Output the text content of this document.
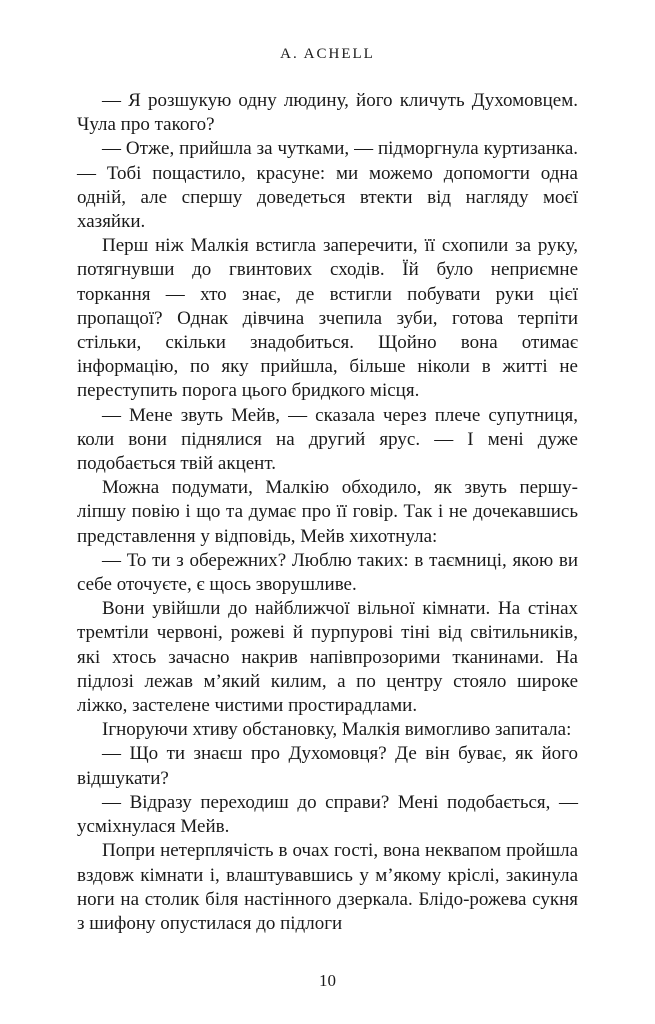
A. ACHELL

— Я розшукую одну людину, його кличуть Духомовцем. Чула про такого?

— Отже, прийшла за чутками, — підморгнула куртизанка. — Тобі пощастило, красуне: ми можемо допомогти одна одній, але спершу доведеться втекти від нагляду моєї хазяйки.

Перш ніж Малкія встигла заперечити, її схопили за руку, потягнувши до гвинтових сходів. Їй було неприємне торкання — хто знає, де встигли побувати руки цієї пропащої? Однак дівчина зчепила зуби, готова терпіти стільки, скільки знадобиться. Щойно вона отимає інформацію, по яку прийшла, більше ніколи в житті не переступить порога цього бридкого місця.

— Мене звуть Мейв, — сказала через плече супутниця, коли вони піднялися на другий ярус. — І мені дуже подобається твій акцент.

Можна подумати, Малкію обходило, як звуть першу-ліпшу повію і що та думає про її говір. Так і не дочекавшись представлення у відповідь, Мейв хихотнула:

— То ти з обережних? Люблю таких: в таємниці, якою ви себе оточуєте, є щось зворушливе.

Вони увійшли до найближчої вільної кімнати. На стінах тремтіли червоні, рожеві й пурпурові тіні від світильників, які хтось зачасно накрив напівпрозорими тканинами. На підлозі лежав м’який килим, а по центру стояло широке ліжко, застелене чистими простирадлами.

Ігноруючи хтиву обстановку, Малкія вимогливо запитала:

— Що ти знаєш про Духомовця? Де він буває, як його відшукати?

— Відразу переходиш до справи? Мені подобається, — усміхнулася Мейв.

Попри нетерплячість в очах гості, вона неквапом пройшла вздовж кімнати і, влаштувавшись у м’якому кріслі, закинула ноги на столик біля настінного дзеркала. Блідо-рожева сукня з шифону опустилася до підлоги

10
